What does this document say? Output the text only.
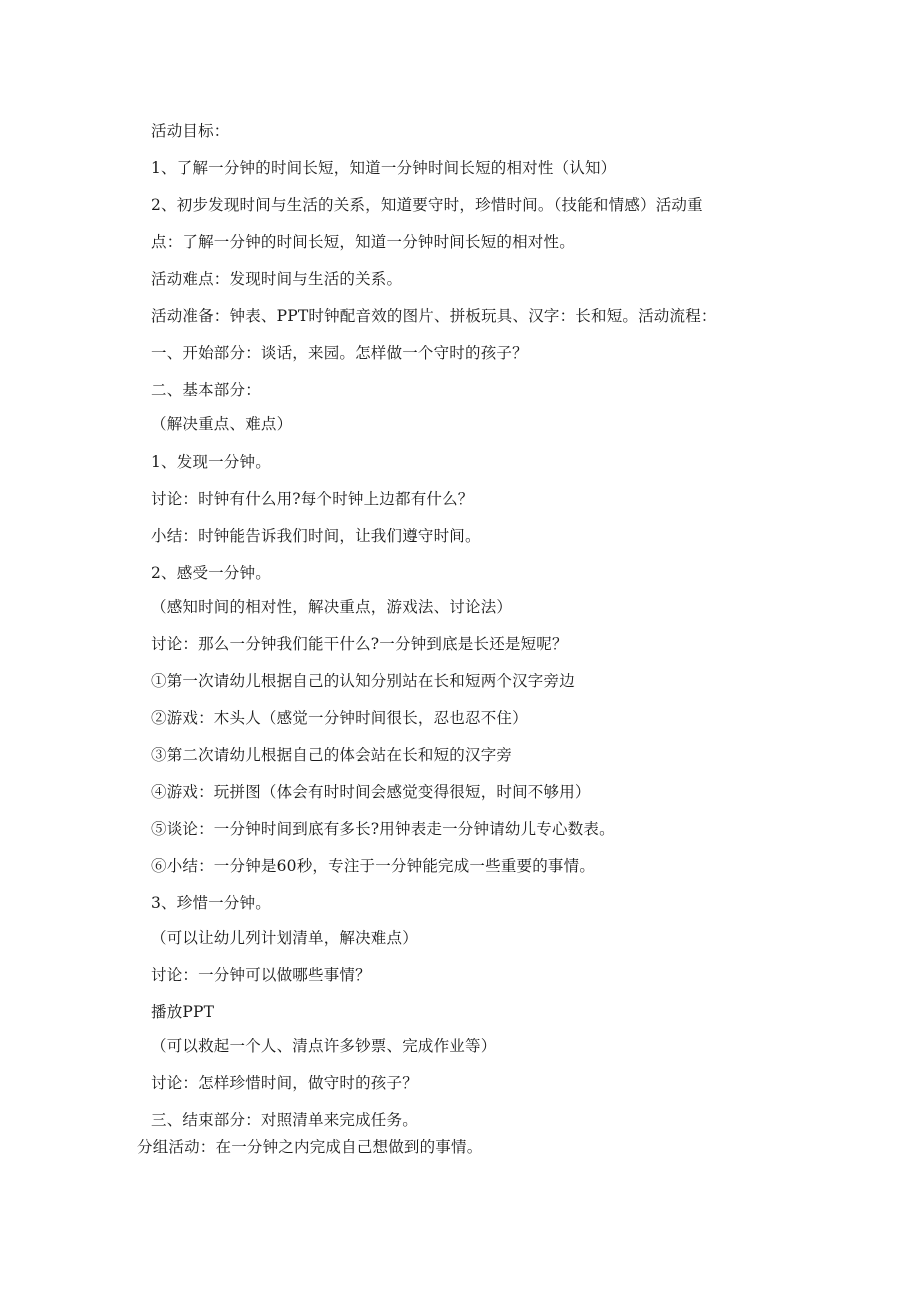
活动目标：
1、了解一分钟的时间长短，知道一分钟时间长短的相对性（认知）
2、初步发现时间与生活的关系，知道要守时，珍惜时间。（技能和情感）活动重
点：了解一分钟的时间长短，知道一分钟时间长短的相对性。
活动难点：发现时间与生活的关系。
活动准备：钟表、PPT时钟配音效的图片、拼板玩具、汉字：长和短。活动流程：
一、开始部分：谈话，来园。怎样做一个守时的孩子？
二、基本部分：
（解决重点、难点）
1、发现一分钟。
讨论：时钟有什么用?每个时钟上边都有什么？
小结：时钟能告诉我们时间，让我们遵守时间。
2、感受一分钟。
（感知时间的相对性，解决重点，游戏法、讨论法）
讨论：那么一分钟我们能干什么?一分钟到底是长还是短呢？
①第一次请幼儿根据自己的认知分别站在长和短两个汉字旁边
②游戏：木头人（感觉一分钟时间很长，忍也忍不住）
③第二次请幼儿根据自己的体会站在长和短的汉字旁
④游戏：玩拼图（体会有时时间会感觉变得很短，时间不够用）
⑤谈论：一分钟时间到底有多长?用钟表走一分钟请幼儿专心数表。
⑥小结：一分钟是60秒，专注于一分钟能完成一些重要的事情。
3、珍惜一分钟。
（可以让幼儿列计划清单，解决难点）
讨论：一分钟可以做哪些事情？
播放PPT
（可以救起一个人、清点许多钞票、完成作业等）
讨论：怎样珍惜时间，做守时的孩子？
三、结束部分：对照清单来完成任务。
分组活动：在一分钟之内完成自己想做到的事情。
